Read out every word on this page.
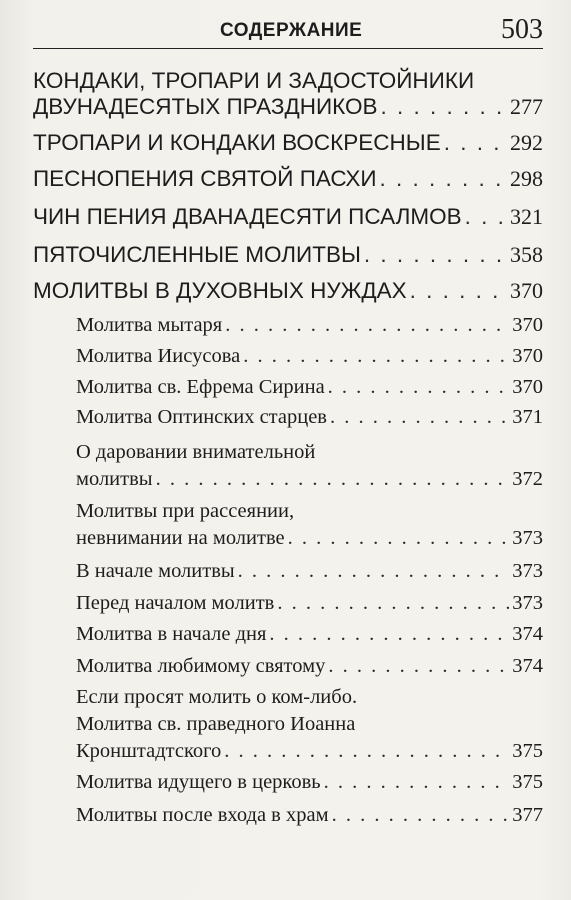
СОДЕРЖАНИЕ	503
КОНДАКИ, ТРОПАРИ И ЗАДОСТОЙНИКИ
ДВУНАДЕСЯТЫХ ПРАЗДНИКОВ . . .	277
ТРОПАРИ И КОНДАКИ ВОСКРЕСНЫЕ . . .	292
ПЕСНОПЕНИЯ СВЯТОЙ ПАСХИ . . .	298
ЧИН ПЕНИЯ ДВАНАДЕСЯТИ ПСАЛМОВ . . . 321
ПЯТОЧИСЛЕННЫЕ МОЛИТВЫ . . .	358
МОЛИТВЫ В ДУХОВНЫХ НУЖДАХ . . .	370
Молитва мытаря . . .	370
Молитва Иисусова . . .	370
Молитва св. Ефрема Сирина . . .	370
Молитва Оптинских старцев . . .	371
О даровании внимательной
молитвы . . .	372
Молитвы при рассеянии,
невнимании на молитве . . .	373
В начале молитвы . . .	373
Перед началом молитв . . .	373
Молитва в начале дня . . .	374
Молитва любимому святому . . .	374
Если просят молить о ком-либо.
Молитва св. праведного Иоанна
Кронштадтского . . .	375
Молитва идущего в церковь . . .	375
Молитвы после входа в храм . . .	377
